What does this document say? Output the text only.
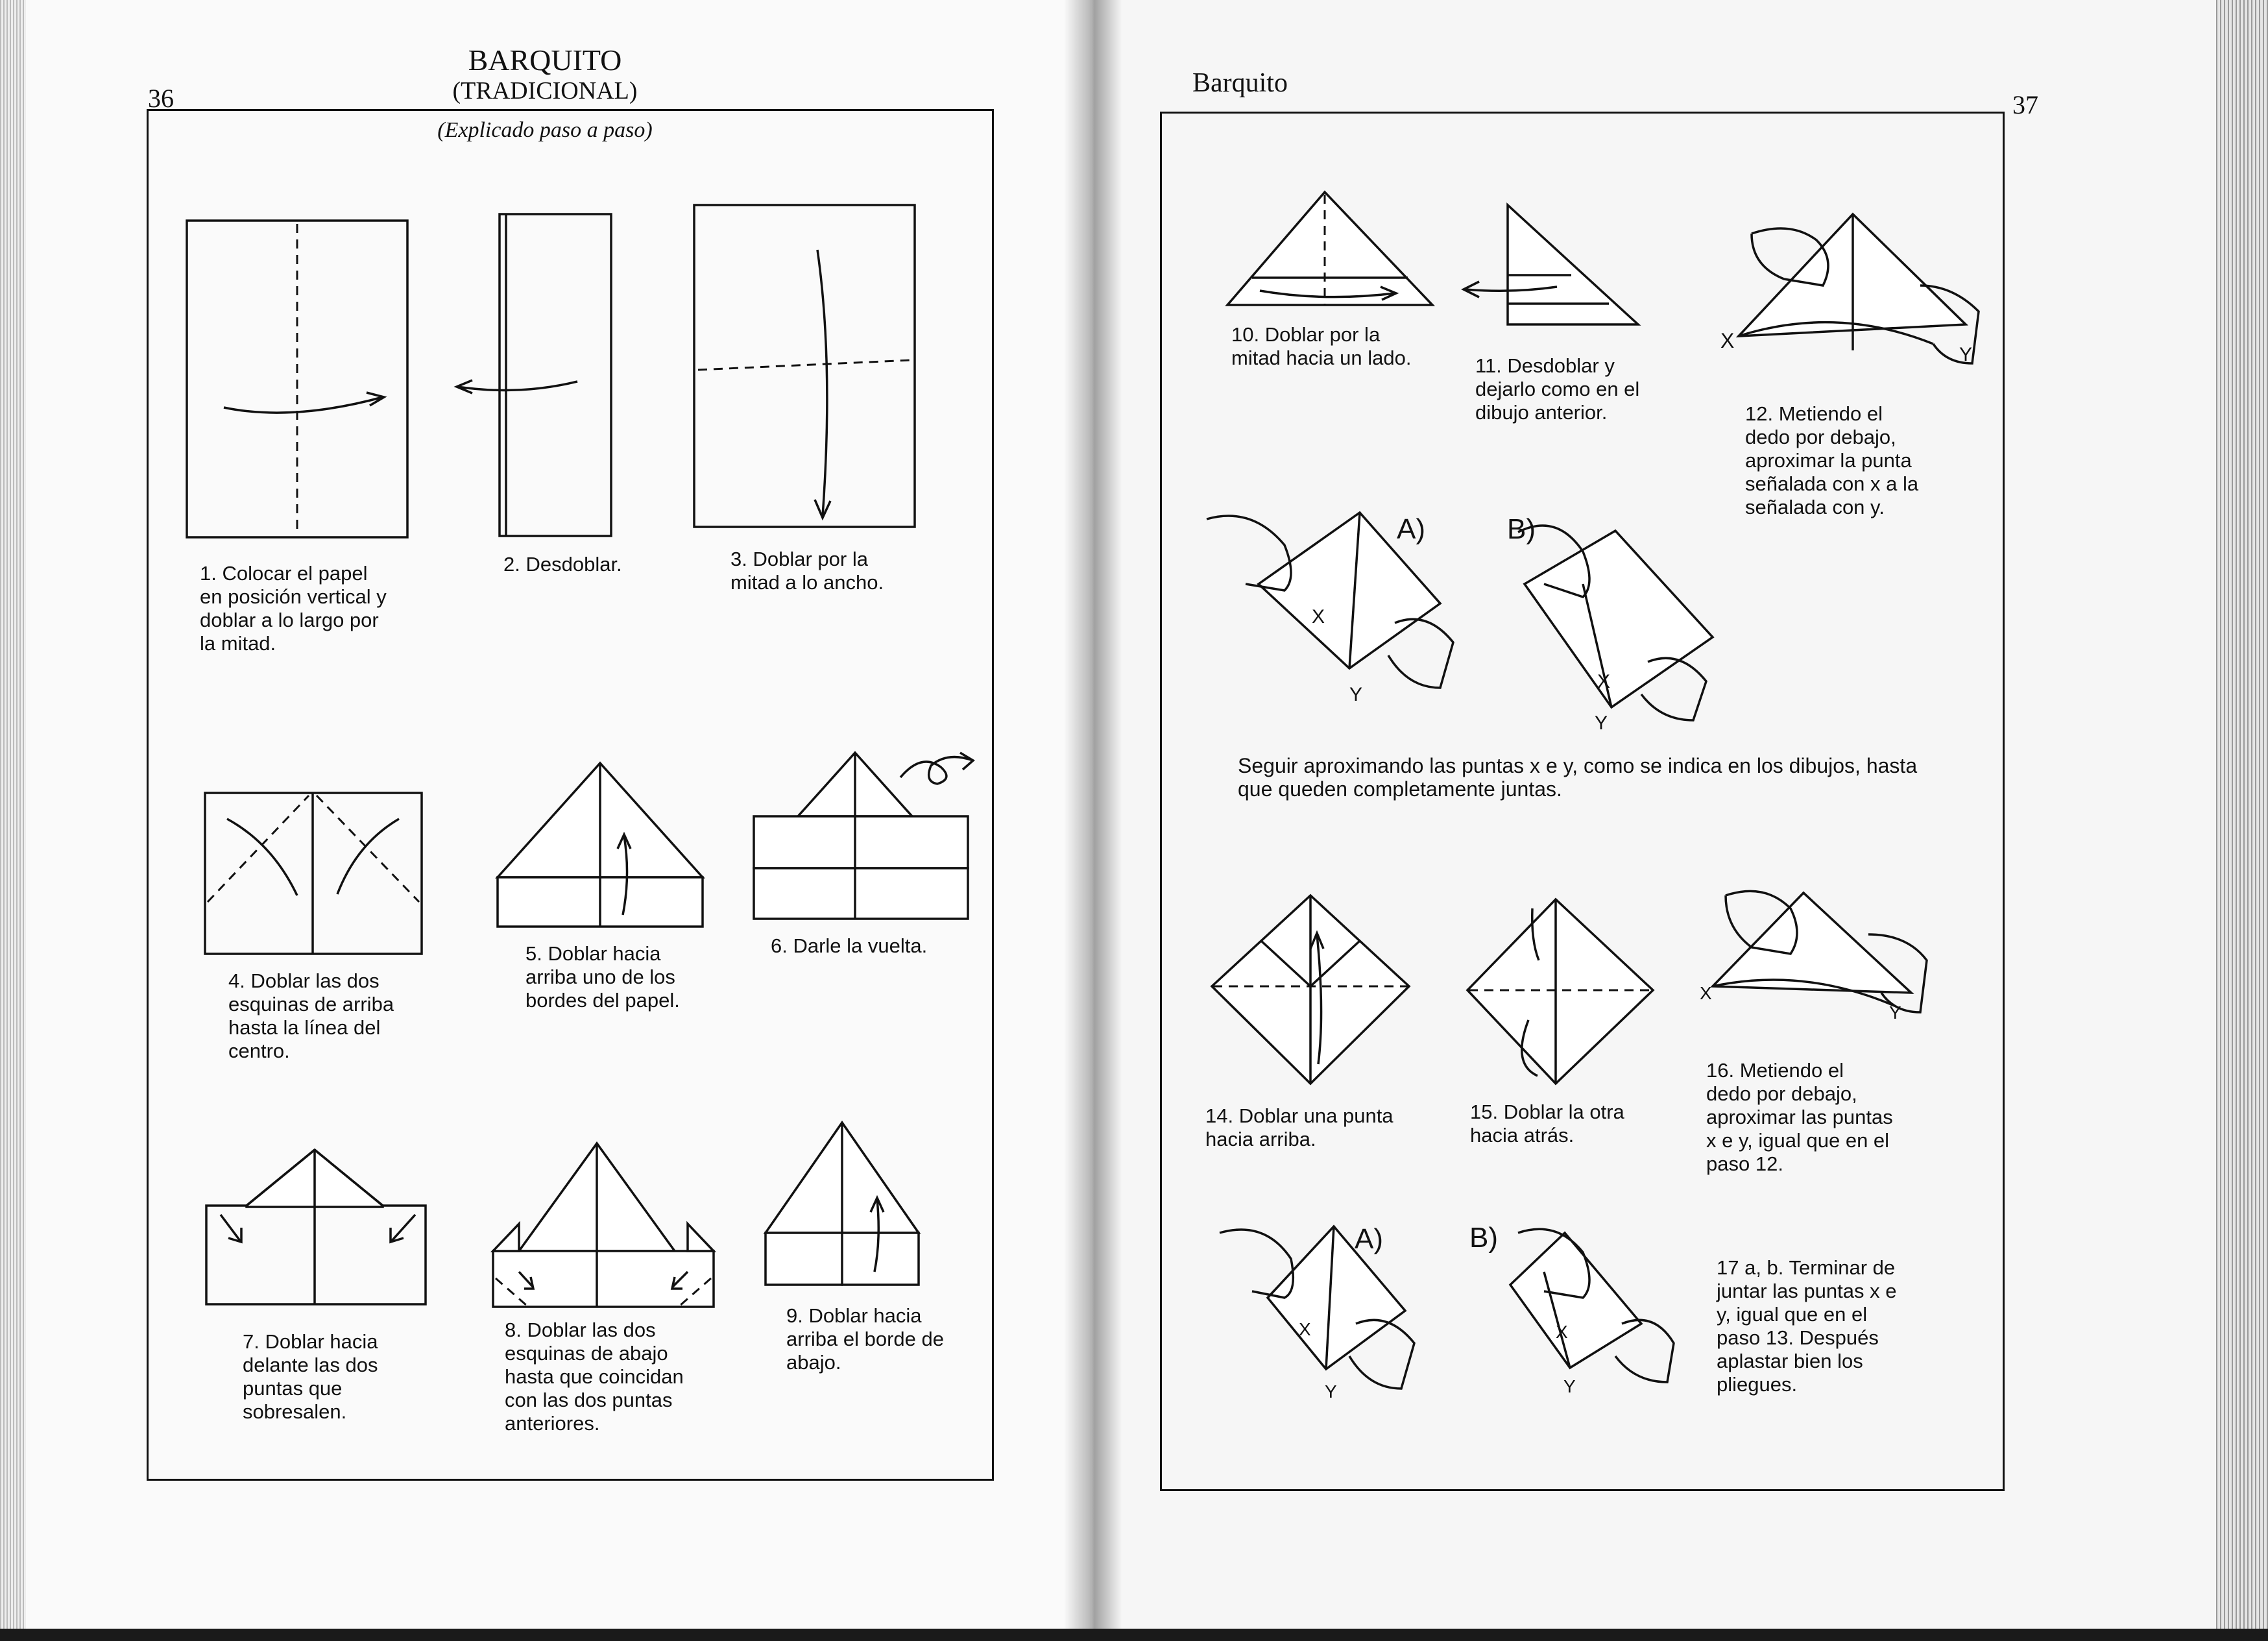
36
BARQUITO
(TRADICIONAL)
(Explicado paso a paso)
1. Colocar el papel
en posición vertical y
doblar a lo largo por
la mitad.
2. Desdoblar.	3. Doblar por la
mitad a lo ancho.
4. Doblar las dos
esquinas de arriba
hasta la línea del
centro.
5. Doblar hacia
arriba uno de los
bordes del papel.
6. Darle la vuelta.
7. Doblar hacia
delante las dos
puntas que
sobresalen.
8. Doblar las dos
esquinas de abajo
hasta que coincidan
con las dos puntas
anteriores.
9. Doblar hacia
arriba el borde de
abajo.
Barquito
37
X
Y
X
Y
A)
X
Y
B)
X
Y
X
Y
A)
X
Y
B)
10. Doblar por la
mitad hacia un lado.	11. Desdoblar y
dejarlo como en el
dibujo anterior.	12. Metiendo el
dedo por debajo,
aproximar la punta
señalada con x a la
señalada con y.
Seguir aproximando las puntas x e y, como se indica en los dibujos, hasta
que queden completamente juntas.
14. Doblar una punta
hacia arriba.
15. Doblar la otra
hacia atrás.
16. Metiendo el
dedo por debajo,
aproximar las puntas
x e y, igual que en el
paso 12.
17 a, b. Terminar de
juntar las puntas x e
y, igual que en el
paso 13. Después
aplastar bien los
pliegues.
